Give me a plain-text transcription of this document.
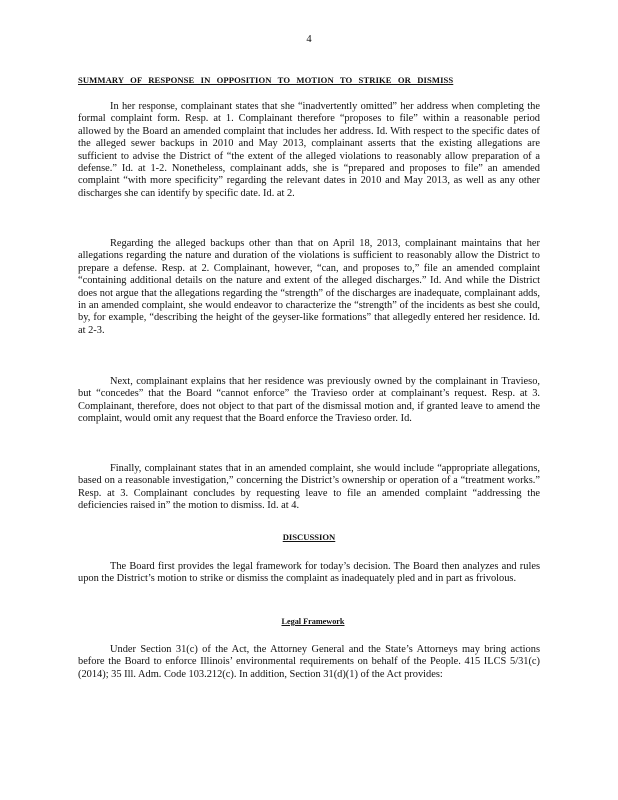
4
SUMMARY OF RESPONSE IN OPPOSITION TO MOTION TO STRIKE OR DISMISS
In her response, complainant states that she “inadvertently omitted” her address when completing the formal complaint form. Resp. at 1. Complainant therefore “proposes to file” within a reasonable period allowed by the Board an amended complaint that includes her address. Id. With respect to the specific dates of the alleged sewer backups in 2010 and May 2013, complainant asserts that the existing allegations are sufficient to advise the District of “the extent of the alleged violations to reasonably allow preparation of a defense.” Id. at 1-2. Nonetheless, complainant adds, she is “prepared and proposes to file” an amended complaint “with more specificity” regarding the relevant dates in 2010 and May 2013, as well as any other discharges she can identify by specific date. Id. at 2.
Regarding the alleged backups other than that on April 18, 2013, complainant maintains that her allegations regarding the nature and duration of the violations is sufficient to reasonably allow the District to prepare a defense. Resp. at 2. Complainant, however, “can, and proposes to,” file an amended complaint “containing additional details on the nature and extent of the alleged discharges.” Id. And while the District does not argue that the allegations regarding the “strength” of the discharges are inadequate, complainant adds, in an amended complaint, she would endeavor to characterize the “strength” of the incidents as best she could, by, for example, “describing the height of the geyser-like formations” that allegedly entered her residence. Id. at 2-3.
Next, complainant explains that her residence was previously owned by the complainant in Travieso, but “concedes” that the Board “cannot enforce” the Travieso order at complainant’s request. Resp. at 3. Complainant, therefore, does not object to that part of the dismissal motion and, if granted leave to amend the complaint, would omit any request that the Board enforce the Travieso order. Id.
Finally, complainant states that in an amended complaint, she would include “appropriate allegations, based on a reasonable investigation,” concerning the District’s ownership or operation of a “treatment works.” Resp. at 3. Complainant concludes by requesting leave to file an amended complaint “addressing the deficiencies raised in” the motion to dismiss. Id. at 4.
DISCUSSION
The Board first provides the legal framework for today’s decision. The Board then analyzes and rules upon the District’s motion to strike or dismiss the complaint as inadequately pled and in part as frivolous.
Legal Framework
Under Section 31(c) of the Act, the Attorney General and the State’s Attorneys may bring actions before the Board to enforce Illinois’ environmental requirements on behalf of the People. 415 ILCS 5/31(c) (2014); 35 Ill. Adm. Code 103.212(c). In addition, Section 31(d)(1) of the Act provides:
